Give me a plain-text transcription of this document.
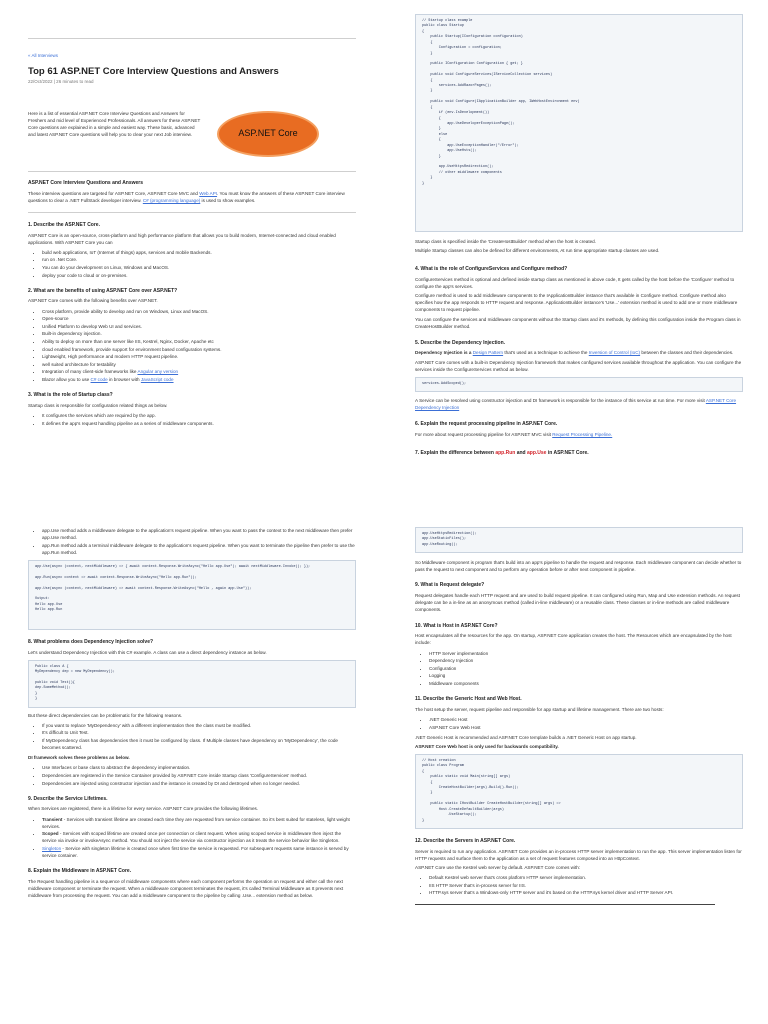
« All Interviews
Top 61 ASP.NET Core Interview Questions and Answers
22/Oct/2022 | 26 minutes to read
Here is a list of essential ASP.NET Core Interview Questions and Answers for Freshers and mid level of Experienced Professionals. All answers for these ASP.NET Core questions are explained in a simple and easiest way. These basic, advanced and latest ASP.NET Core questions will help you to clear your next Job interview.	ASP.NET Core
ASP.NET Core Interview Questions and Answers

These interview questions are targeted for ASP.NET Core, ASP.NET Core MVC and Web API. You must know the answers of these ASP.NET Core interview questions to clear a .NET FullStack developer interview. C# (programming language) is used to show examples.

1. Describe the ASP.NET Core.

ASP.NET Core is an open-source, cross-platform and high performance platform that allows you to build modern, Internet-connected and cloud enabled applications. With ASP.NET Core you can

• build web applications, IoT (Internet of things) apps, services and mobile Backends.
• run on .Net Core.
• You can do your development on Linux, Windows and MacOS.
• deploy your code to cloud or on-premises.
2. What are the benefits of using ASP.NET Core over ASP.NET?

ASP.NET Core comes with the following benefits over ASP.NET.

• Cross platform, provide ability to develop and run on Windows, Linux and MacOS.
• Open-source
• Unified Platform to develop Web UI and services.
• Built-in dependency injection.
• Ability to deploy on more than one server like IIS, Kestrel, Nginx, Docker, Apache etc
• cloud enabled framework, provide support for environment based configuration systems.
• Lightweight, High performance and modern HTTP request pipeline.
• well suited architecture for testability
• Integration of many client-side frameworks like Angular any version
• Blazor allow you to use C# code in browser with JavaScript code
3. What is the role of Startup class?

Startup class is responsible for configuration related things as below.

• It configures the services which are required by the app.
• It defines the app's request handling pipeline as a series of middleware components.
// Startup class example
public class Startup
{
public Startup(IConfiguration configuration)
{
Configuration = configuration;
}

public IConfiguration Configuration { get; }

public void ConfigureServices(IServiceCollection services)
{
services.AddRazorPages();
}

public void Configure(IApplicationBuilder app, IWebHostEnvironment env)
{
if (env.IsDevelopment())
{
app.UseDeveloperExceptionPage();
}
else
{
app.UseExceptionHandler("/Error");
app.UseHsts();
}

app.UseHttpsRedirection();
// other middleware components
}
}

Startup class is specified inside the 'CreateHostBuilder' method when the host is created.

Multiple Startup classes can also be defined for different environments, At run time appropriate startup classes are used.

4. What is the role of ConfigureServices and Configure method?

ConfigureServices method is optional and defined inside startup class as mentioned in above code, It gets called by the host before the 'Configure' method to configure the app's services.

Configure method is used to add middleware components to the IApplicationBuilder instance that's available in Configure method. Configure method also specifies how the app responds to HTTP request and response. ApplicationBuilder instance's 'Use...' extension method is used to add one or more middleware components to request pipeline.

You can configure the services and middleware components without the Startup class and it's methods, by defining this configuration inside the Program class in CreateHostBuilder method.

5. Describe the Dependency Injection.

Dependency Injection is a Design Pattern that's used as a technique to achieve the Inversion of Control (IoC) between the classes and their dependencies.

ASP.NET Core comes with a built-in Dependency Injection framework that makes configured services available throughout the application. You can configure the services inside the ConfigureServices method as below.

services.AddScoped();

A Service can be resolved using constructor injection and DI framework is responsible for the instance of this service at run time. For more visit ASP.NET Core Dependency Injection

6. Explain the request processing pipeline in ASP.NET Core.

For more about request processing pipeline for ASP.NET MVC visit Request Processing Pipeline.

7. Explain the difference between app.Run and app.Use in ASP.NET Core.
• app.Use method adds a middleware delegate to the application's request pipeline. When you want to pass the context to the next middleware then prefer app.Use method.
• app.Run method adds a terminal middleware delegate to the application's request pipeline. When you want to terminate the pipeline then prefer to use the app.Run method.
app.Use(async (context, nextMiddleware) => { await context.Response.WriteAsync("Hello app.Use"); await nextMiddleware.Invoke(); });

app.Run(async context => await context.Response.WriteAsync("Hello app.Run"));

app.Use(async (context, nextMiddleware) => await context.Response.WriteAsync("Hello , again app.Use"));

Output:
Hello app.Use
Hello app.Run
8. What problems does Dependency Injection solve?

Let's understand Dependency Injection with this C# example. A class can use a direct dependency instance as below.

Public class A {
MyDependency dep = new MyDependency();

public void Test(){
dep.SomeMethod();
}
}

But these direct dependencies can be problematic for the following reasons.

• If you want to replace 'MyDependency' with a different implementation then the class must be modified.
• It's difficult to Unit Test.
• If MyDependency class has dependencies then it must be configured by class. If Multiple classes have dependency on 'MyDependency', the code becomes scattered.

DI framework solves these problems as below.

• Use Interfaces or base class to abstract the dependency implementation.
• Dependencies are registered in the Service Container provided by ASP.NET Core inside Startup class 'ConfigureServices' method.
• Dependencies are injected using constructor injection and the instance is created by DI and destroyed when no longer needed.
9. Describe the Service Lifetimes.

When Services are registered, there is a lifetime for every service. ASP.NET Core provides the following lifetimes.

• Transient - Services with transient lifetime are created each time they are requested from service container. So it's best suited for stateless, light weight services.
• Scoped - Services with scoped lifetime are created once per connection or client request. When using scoped service in middleware then inject the service via invoke or invokeAsync method. You should not inject the service via constructor injection as it treats the service behavior like Singleton.
• Singleton - Service with singleton lifetime is created once when first time the service is requested. For subsequent requests same instance is served by service container.
8. Explain the Middleware in ASP.NET Core.

The Request handling pipeline is a sequence of middleware components where each component performs the operation on request and either call the next middleware component or terminate the request. When a middleware component terminates the request, it's called Terminal Middleware as It prevents next middleware from processing the request. You can add a middleware component to the pipeline by calling .Use... extension method as below.

app.UseHttpsRedirection();
app.UseStaticFiles();
app.UseRouting();

So Middleware component is program that's build into an app's pipeline to handle the request and response. Each middleware component can decide whether to pass the request to next component and to perform any operation before or after next component in pipeline.

9. What is Request delegate?

Request delegates handle each HTTP request and are used to build request pipeline. It can configured using Run, Map and Use extension methods. An request delegate can be a in-line as an anonymous method (called in-line middleware) or a reusable class. These classes or in-line methods are called middleware components.

10. What is Host in ASP.NET Core?

Host encapsulates all the resources for the app. On startup, ASP.NET Core application creates the host. The Resources which are encapsulated by the host include:

• HTTP Server implementation
• Dependency Injection
• Configuration
• Logging
• Middleware components
11. Describe the Generic Host and Web Host.

The host setup the server, request pipeline and responsible for app startup and lifetime management. There are two hosts:

• .NET Generic Host
• ASP.NET Core Web Host

.NET Generic Host is recommended and ASP.NET Core template builds a .NET Generic Host on app startup.

ASP.NET Core Web host is only used for backwards compatibility.

// Host creation
public class Program
{
public static void Main(string[] args)
{
CreateHostBuilder(args).Build().Run();
}

public static IHostBuilder CreateHostBuilder(string[] args) =>
Host.CreateDefaultBuilder(args)
.UseStartup();
}
12. Describe the Servers in ASP.NET Core.

Server is required to run any application. ASP.NET Core provides an in-process HTTP server implementation to run the app. This server implementation listen for HTTP requests and surface them to the application as a set of request features composed into an HttpContext.

ASP.NET Core use the Kestrel web server by default. ASP.NET Core comes with:

• Default Kestrel web server that's cross platform HTTP server implementation.
• IIS HTTP Server that's in-process server for IIS.
• HTTP.sys server that's a Windows-only HTTP server and it's based on the HTTP.sys kernel driver and HTTP Server API.
